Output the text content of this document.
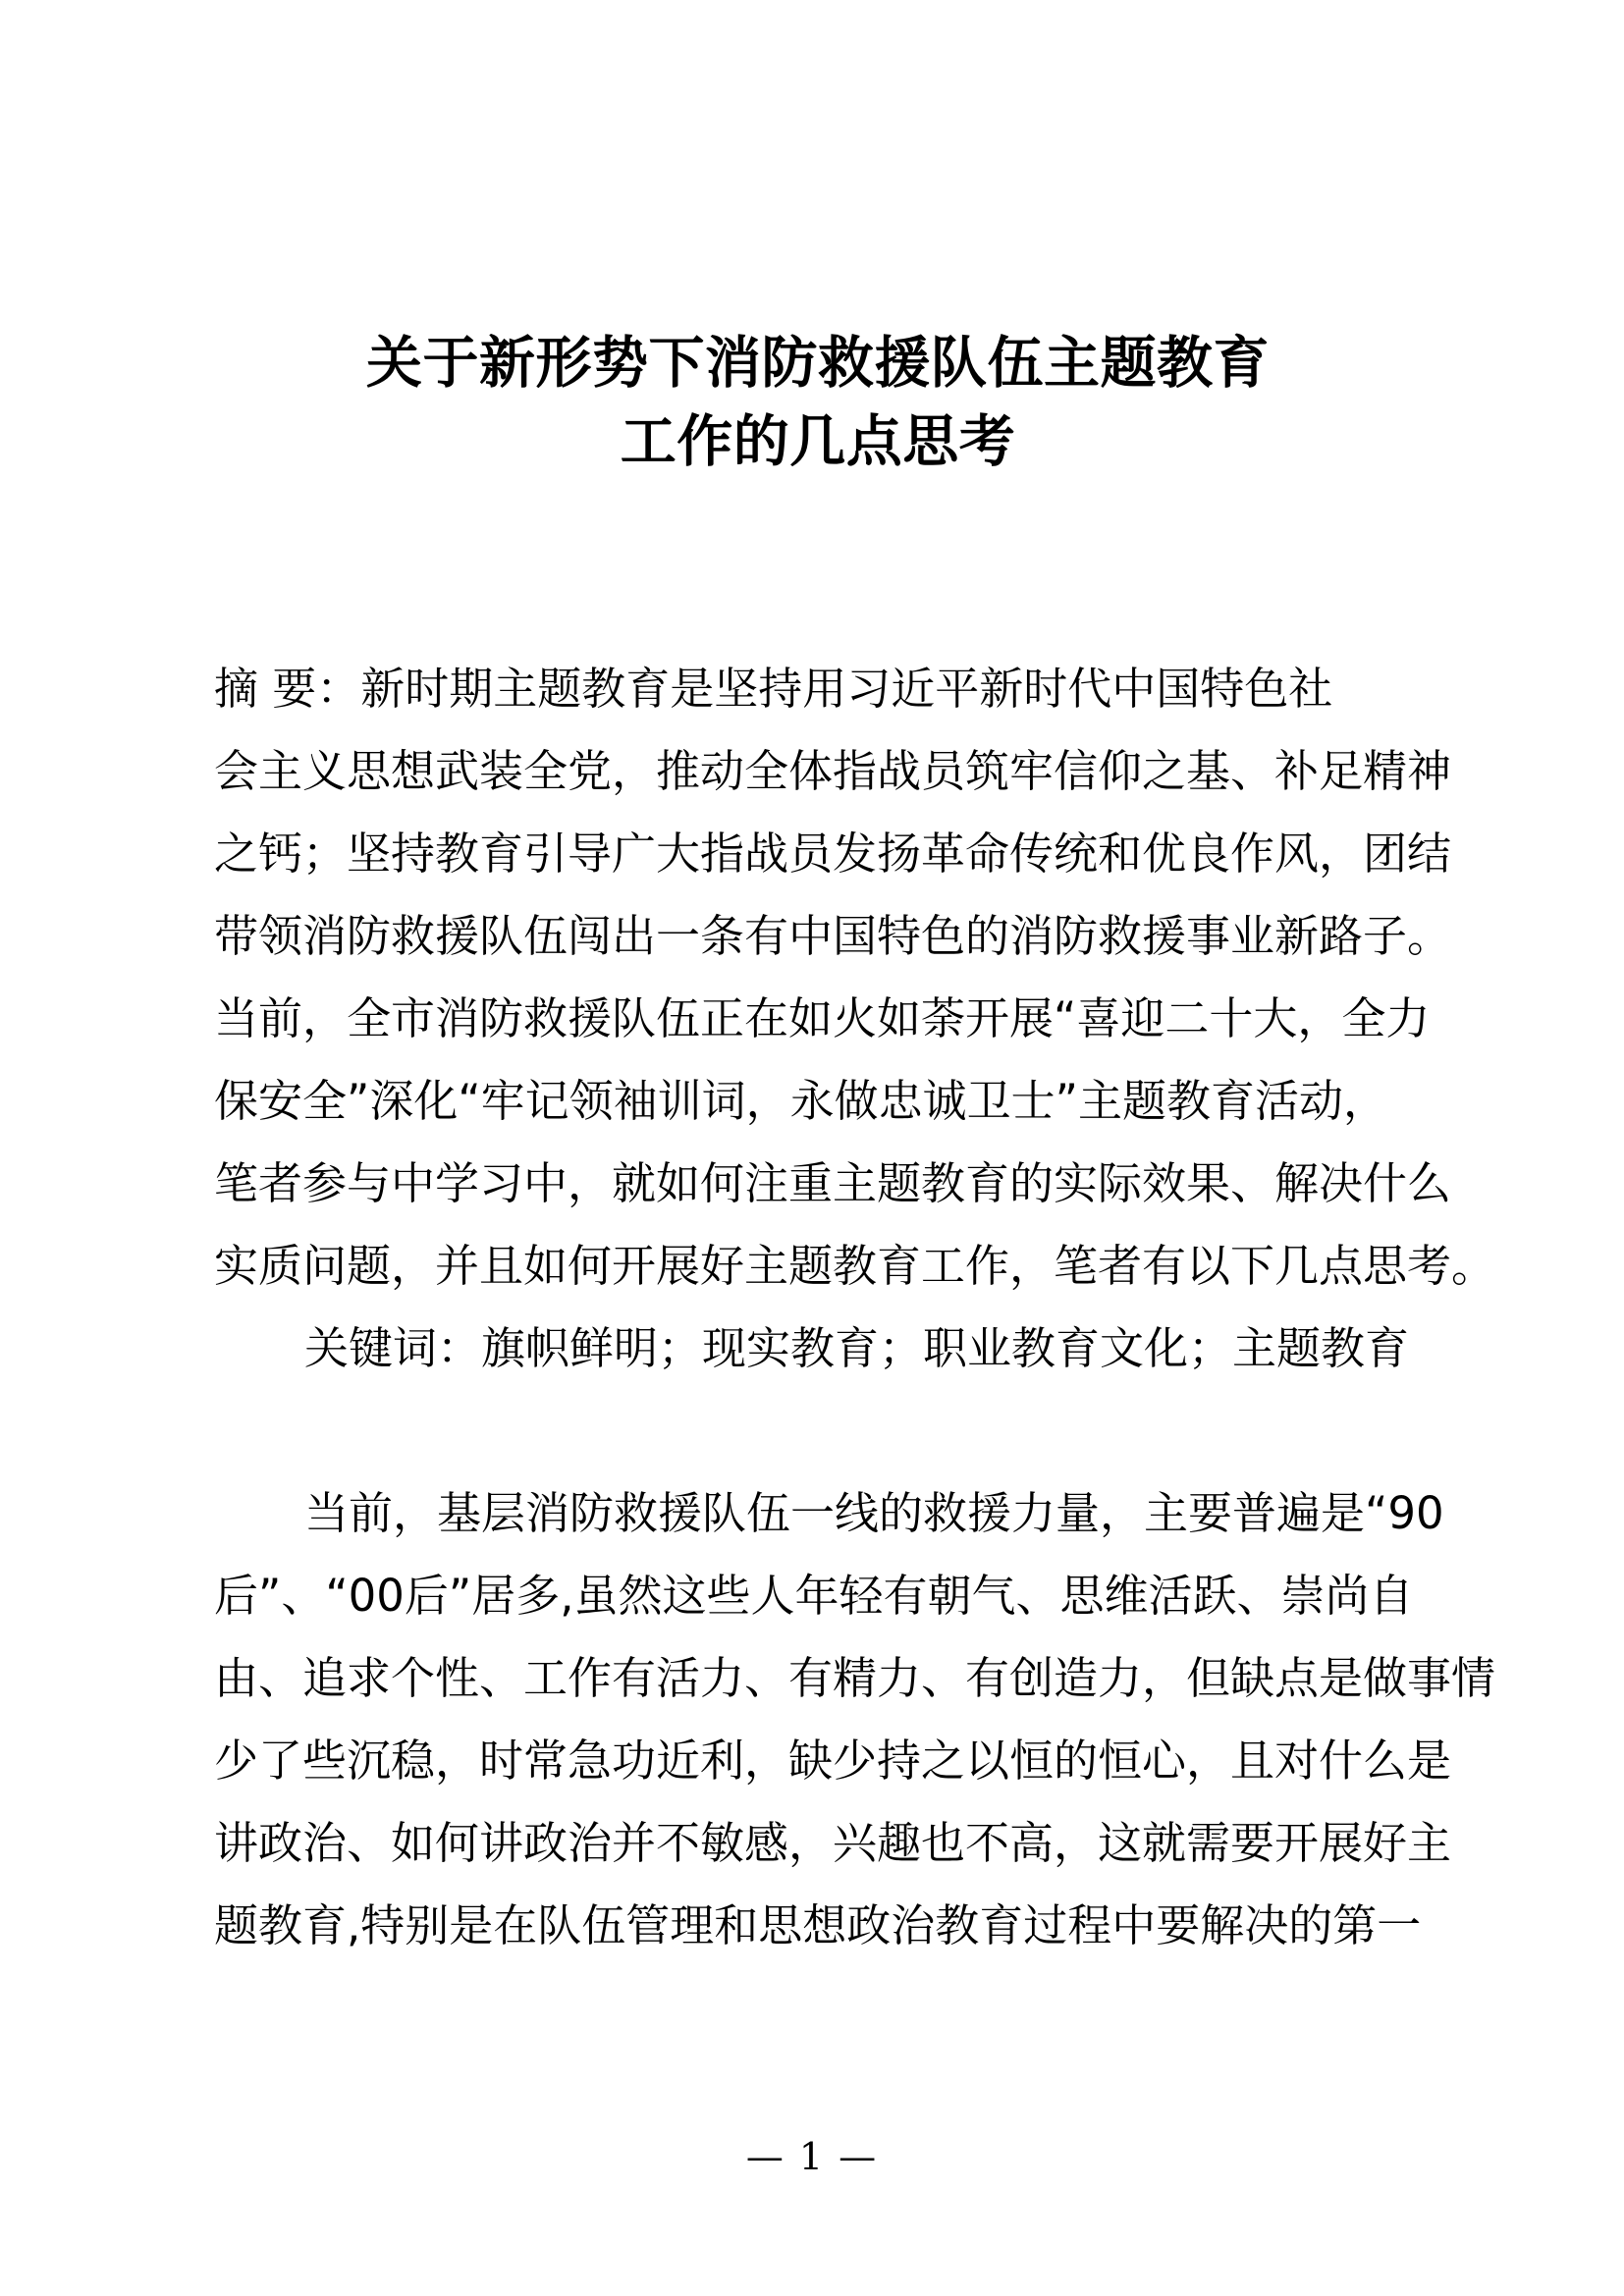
关于新形势下消防救援队伍主题教育
工作的几点思考
摘 要：新时期主题教育是坚持用习近平新时代中国特色社
会主义思想武装全党，推动全体指战员筑牢信仰之基、补足精神
之钙；坚持教育引导广大指战员发扬革命传统和优良作风，团结
带领消防救援队伍闯出一条有中国特色的消防救援事业新路子。
当前，全市消防救援队伍正在如火如荼开展“喜迎二十大，全力
保安全”深化“牢记领袖训词，永做忠诚卫士”主题教育活动，
笔者参与中学习中，就如何注重主题教育的实际效果、解决什么
实质问题，并且如何开展好主题教育工作，笔者有以下几点思考。
关键词：旗帜鲜明；现实教育；职业教育文化；主题教育
当前，基层消防救援队伍一线的救援力量，主要普遍是“90
后”、“00后”居多,虽然这些人年轻有朝气、思维活跃、崇尚自
由、追求个性、工作有活力、有精力、有创造力，但缺点是做事情
少了些沉稳，时常急功近利，缺少持之以恒的恒心，且对什么是
讲政治、如何讲政治并不敏感，兴趣也不高，这就需要开展好主
题教育,特别是在队伍管理和思想政治教育过程中要解决的第一
— 1 —
